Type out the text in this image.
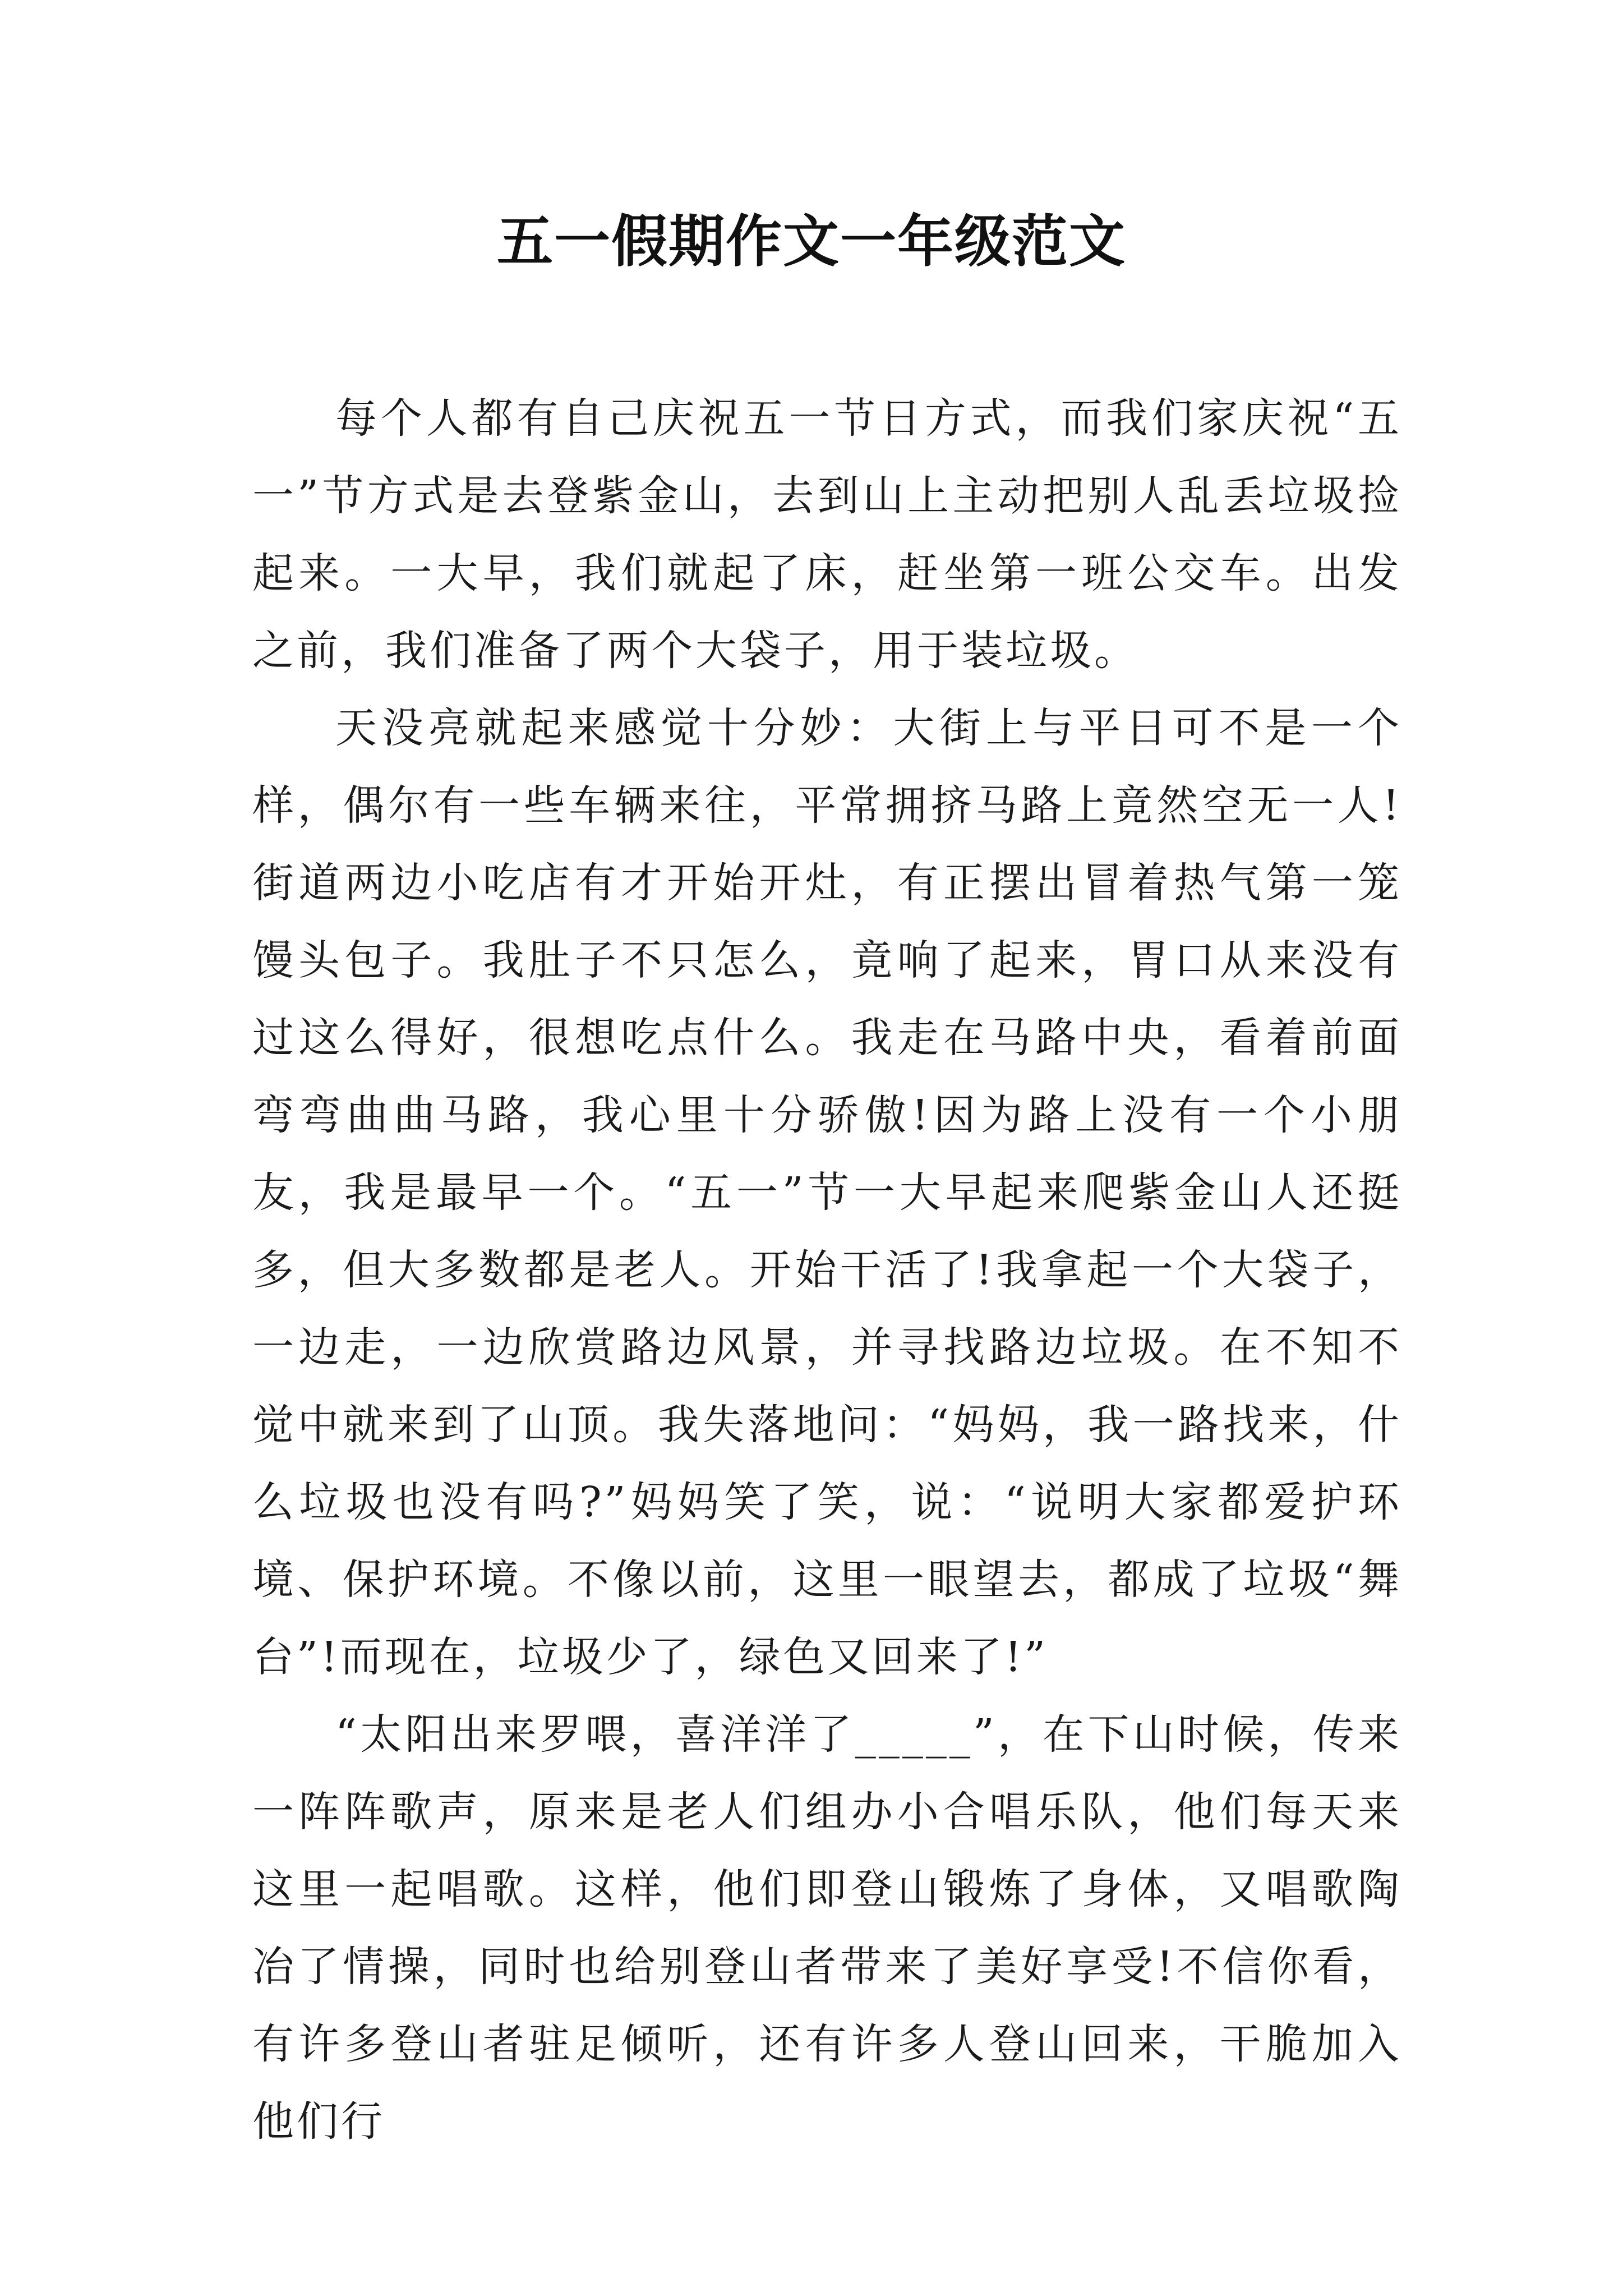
五一假期作文一年级范文

每个人都有自己庆祝五一节日方式，而我们家庆祝“五一”节方式是去登紫金山，去到山上主动把别人乱丢垃圾捡起来。一大早，我们就起了床，赶坐第一班公交车。出发之前，我们准备了两个大袋子，用于装垃圾。

天没亮就起来感觉十分妙：大街上与平日可不是一个样，偶尔有一些车辆来往，平常拥挤马路上竟然空无一人!街道两边小吃店有才开始开灶，有正摆出冒着热气第一笼馒头包子。我肚子不只怎么，竟响了起来，胃口从来没有过这么得好，很想吃点什么。我走在马路中央，看着前面弯弯曲曲马路，我心里十分骄傲!因为路上没有一个小朋友，我是最早一个。“五一”节一大早起来爬紫金山人还挺多，但大多数都是老人。开始干活了!我拿起一个大袋子，一边走，一边欣赏路边风景，并寻找路边垃圾。在不知不觉中就来到了山顶。我失落地问：“妈妈，我一路找来，什么垃圾也没有吗?”妈妈笑了笑，说：“说明大家都爱护环境、保护环境。不像以前，这里一眼望去，都成了垃圾“舞台”!而现在，垃圾少了，绿色又回来了!”

“太阳出来罗喂，喜洋洋了_____”，在下山时候，传来一阵阵歌声，原来是老人们组办小合唱乐队，他们每天来这里一起唱歌。这样，他们即登山锻炼了身体，又唱歌陶冶了情操，同时也给别登山者带来了美好享受!不信你看，有许多登山者驻足倾听，还有许多人登山回来，干脆加入他们行
